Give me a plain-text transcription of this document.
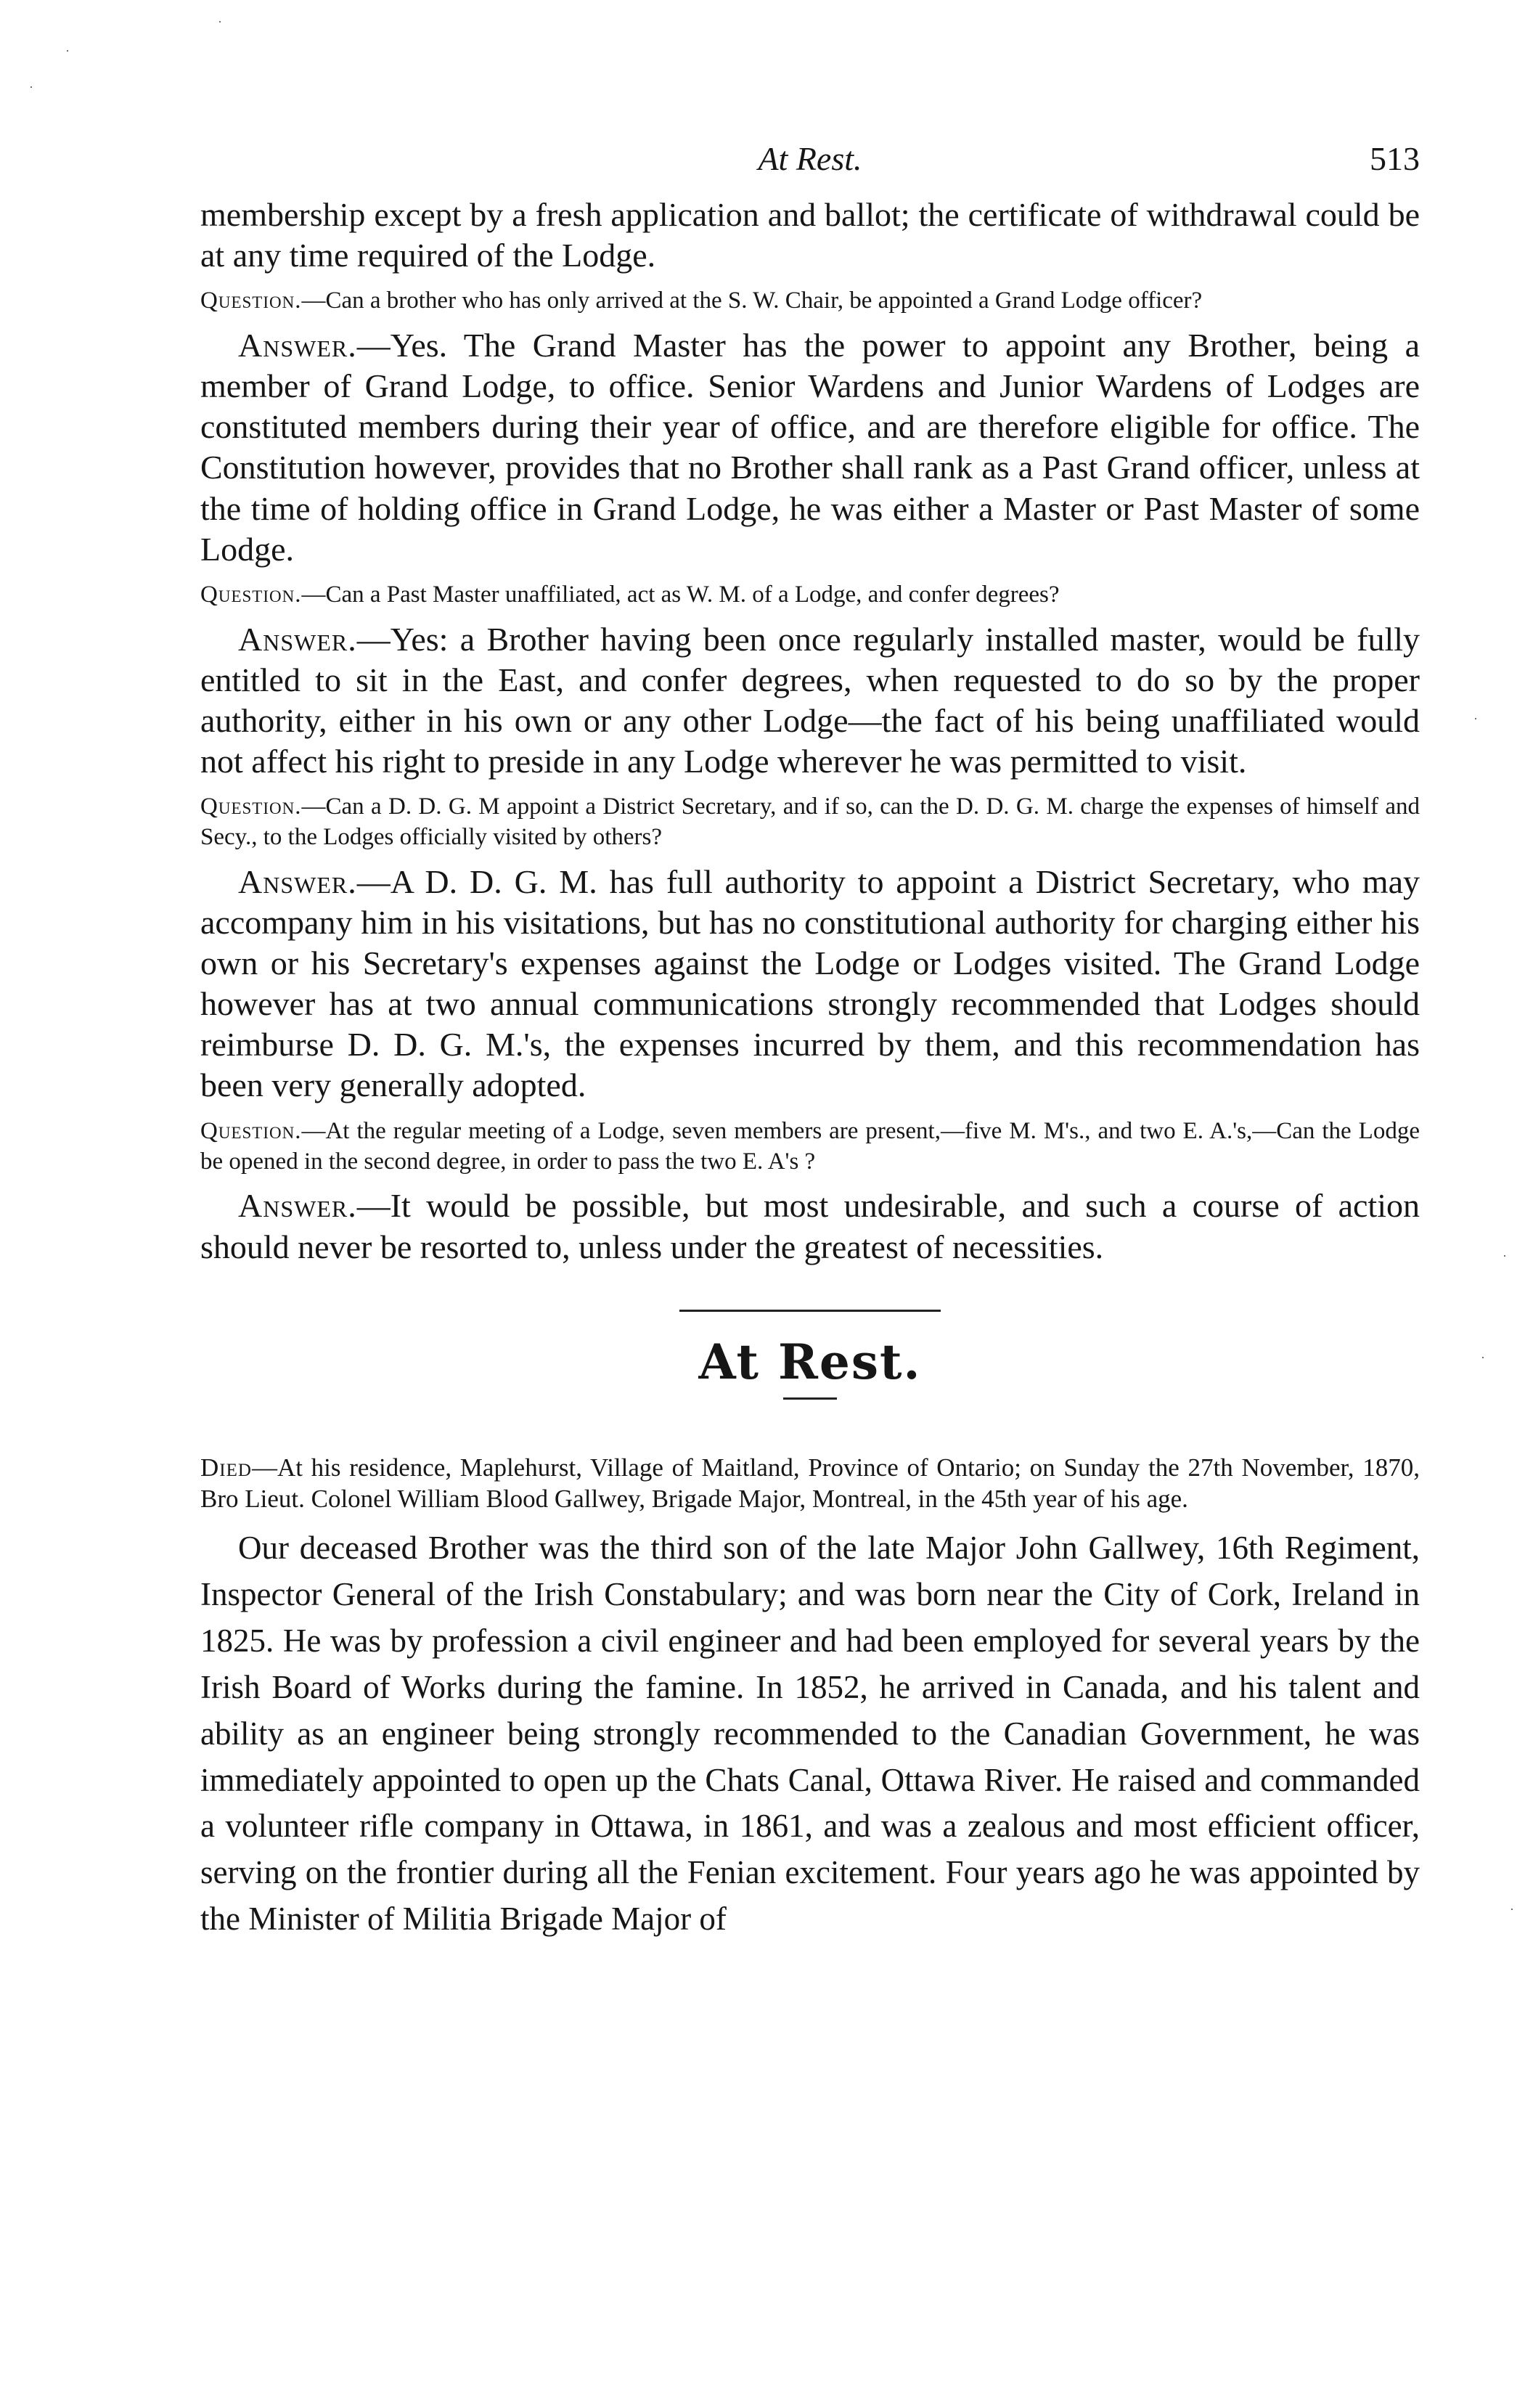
At Rest.	513

membership except by a fresh application and ballot; the certificate of withdrawal could be at any time required of the Lodge.

Question.—Can a brother who has only arrived at the S. W. Chair, be appointed a Grand Lodge officer?

Answer.—Yes. The Grand Master has the power to appoint any Brother, being a member of Grand Lodge, to office. Senior Wardens and Junior Wardens of Lodges are constituted members during their year of office, and are therefore eligible for office. The Constitution however, provides that no Brother shall rank as a Past Grand officer, unless at the time of holding office in Grand Lodge, he was either a Master or Past Master of some Lodge.

Question.—Can a Past Master unaffiliated, act as W. M. of a Lodge, and confer degrees?

Answer.—Yes: a Brother having been once regularly installed master, would be fully entitled to sit in the East, and confer degrees, when requested to do so by the proper authority, either in his own or any other Lodge—the fact of his being unaffiliated would not affect his right to preside in any Lodge wherever he was permitted to visit.

Question.—Can a D. D. G. M appoint a District Secretary, and if so, can the D. D. G. M. charge the expenses of himself and Secy., to the Lodges officially visited by others?

Answer.—A D. D. G. M. has full authority to appoint a District Secretary, who may accompany him in his visitations, but has no constitutional authority for charging either his own or his Secretary's expenses against the Lodge or Lodges visited. The Grand Lodge however has at two annual communications strongly recommended that Lodges should reimburse D. D. G. M.'s, the expenses incurred by them, and this recommendation has been very generally adopted.

Question.—At the regular meeting of a Lodge, seven members are present,—five M. M's., and two E. A.'s,—Can the Lodge be opened in the second degree, in order to pass the two E. A's ?

Answer.—It would be possible, but most undesirable, and such a course of action should never be resorted to, unless under the greatest of necessities.

At Rest.

Died—At his residence, Maplehurst, Village of Maitland, Province of Ontario; on Sunday the 27th November, 1870, Bro Lieut. Colonel William Blood Gallwey, Brigade Major, Montreal, in the 45th year of his age.

Our deceased Brother was the third son of the late Major John Gallwey, 16th Regiment, Inspector General of the Irish Constabulary; and was born near the City of Cork, Ireland in 1825. He was by profession a civil engineer and had been employed for several years by the Irish Board of Works during the famine. In 1852, he arrived in Canada, and his talent and ability as an engineer being strongly recommended to the Canadian Government, he was immediately appointed to open up the Chats Canal, Ottawa River. He raised and commanded a volunteer rifle company in Ottawa, in 1861, and was a zealous and most efficient officer, serving on the frontier during all the Fenian excitement. Four years ago he was appointed by the Minister of Militia Brigade Major of

·
·
·
·
·
·
·
